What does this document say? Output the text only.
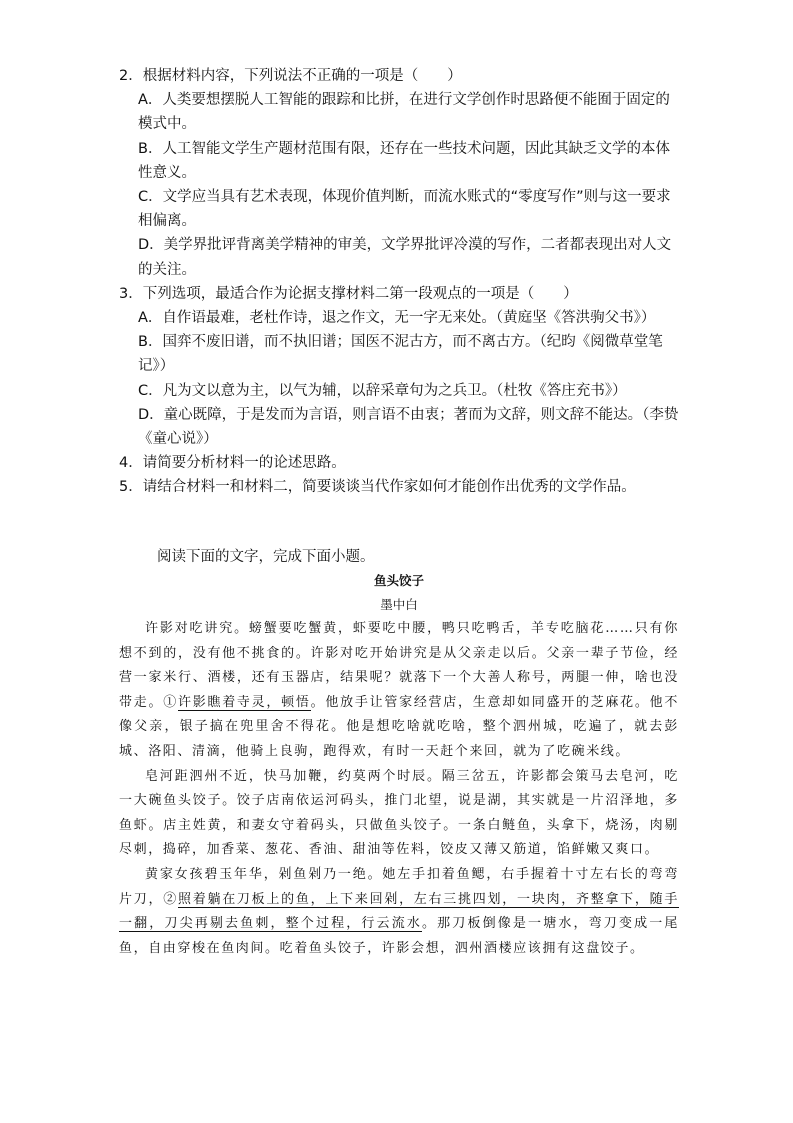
2．根据材料内容，下列说法不正确的一项是（　　）

A．人类要想摆脱人工智能的跟踪和比拼，在进行文学创作时思路便不能囿于固定的模式中。

B．人工智能文学生产题材范围有限，还存在一些技术问题，因此其缺乏文学的本体性意义。

C．文学应当具有艺术表现，体现价值判断，而流水账式的“零度写作”则与这一要求相偏离。

D．美学界批评背离美学精神的审美，文学界批评冷漠的写作，二者都表现出对人文的关注。

3．下列选项，最适合作为论据支撑材料二第一段观点的一项是（　　）

A．自作语最难，老杜作诗，退之作文，无一字无来处。（黄庭坚《答洪驹父书》）

B．国弈不废旧谱，而不执旧谱；国医不泥古方，而不离古方。（纪昀《阅微草堂笔记》）

C．凡为文以意为主，以气为辅，以辞采章句为之兵卫。（杜牧《答庄充书》）

D．童心既障，于是发而为言语，则言语不由衷；著而为文辞，则文辞不能达。（李贽《童心说》）

4．请简要分析材料一的论述思路。

5．请结合材料一和材料二，简要谈谈当代作家如何才能创作出优秀的文学作品。

阅读下面的文字，完成下面小题。

鱼头饺子

墨中白

许影对吃讲究。螃蟹要吃蟹黄，虾要吃中腰，鸭只吃鸭舌，羊专吃脑花……只有你想不到的，没有他不挑食的。许影对吃开始讲究是从父亲走以后。父亲一辈子节俭，经营一家米行、酒楼，还有玉器店，结果呢？就落下一个大善人称号，两腿一伸，啥也没带走。①许影瞧着寺灵，顿悟。他放手让管家经营店，生意却如同盛开的芝麻花。他不像父亲，银子搞在兜里舍不得花。他是想吃啥就吃啥，整个泗州城，吃遍了，就去彭城、洛阳、清滴，他骑上良驹，跑得欢，有时一天赶个来回，就为了吃碗米线。

皂河距泗州不近，快马加鞭，约莫两个时辰。隔三岔五，许影都会策马去皂河，吃一大碗鱼头饺子。饺子店南依运河码头，推门北望，说是湖，其实就是一片沼泽地，多鱼虾。店主姓黄，和妻女守着码头，只做鱼头饺子。一条白鲢鱼，头拿下，烧汤，肉剔尽刺，捣碎，加香菜、葱花、香油、甜油等佐料，饺皮又薄又筋道，馅鲜嫩又爽口。

黄家女孩碧玉年华，剁鱼剁乃一绝。她左手扣着鱼鳃，右手握着十寸左右长的弯弯片刀，②照着躺在刀板上的鱼，上下来回剁，左右三挑四划，一块肉，齐整拿下，随手一翻，刀尖再剔去鱼刺，整个过程，行云流水。那刀板倒像是一塘水，弯刀变成一尾鱼，自由穿梭在鱼肉间。吃着鱼头饺子，许影会想，泗州酒楼应该拥有这盘饺子。
